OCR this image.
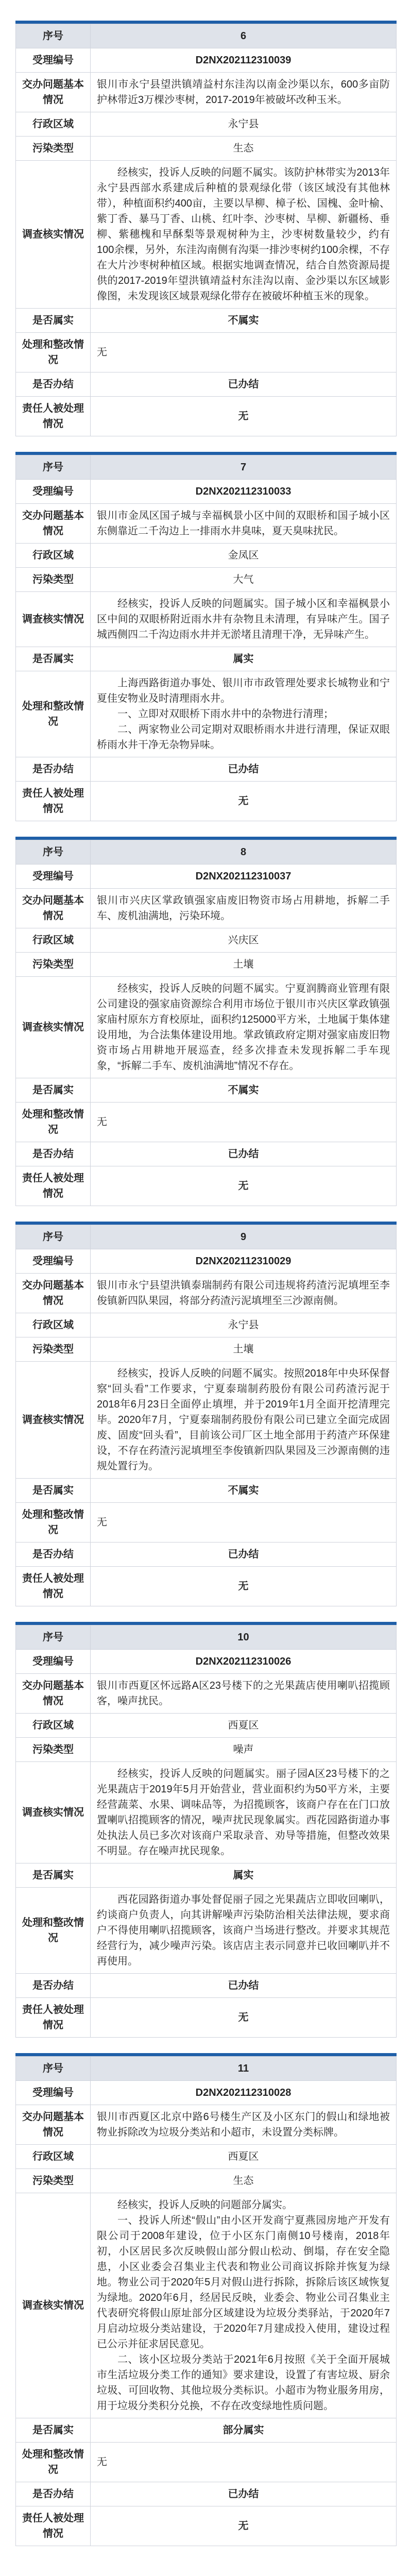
序号	6
受理编号	D2NX202112310039
交办问题基本情况	银川市永宁县望洪镇靖益村东洼沟以南金沙渠以东，600多亩防护林带近3万棵沙枣树，2017-2019年被破坏改种玉米。
行政区域	永宁县
污染类型	生态
调查核实情况	经核实，投诉人反映的问题不属实。该防护林带实为2013年永宁县西部水系建成后种植的景观绿化带（该区域没有其他林带），种植面积约400亩，主要以旱柳、樟子松、国槐、金叶榆、紫丁香、暴马丁香、山桃、红叶李、沙枣树、旱柳、新疆杨、垂柳、紫穗槐和早酥梨等景观树种为主，沙枣树数量较少，约有100余棵，另外，东洼沟南侧有沟渠一排沙枣树约100余棵，不存在大片沙枣树种植区域。根据实地调查情况，结合自然资源局提供的2017-2019年望洪镇靖益村东洼沟以南、金沙渠以东区域影像图，未发现该区域景观绿化带存在被破坏种植玉米的现象。

是否属实	不属实
处理和整改情况	无
是否办结	已办结
责任人被处理情况	无
序号	7
受理编号	D2NX202112310033
交办问题基本情况	银川市金凤区国子城与幸福枫景小区中间的双眼桥和国子城小区东侧靠近二千沟边上一排雨水井臭味，夏天臭味扰民。
行政区域	金凤区
污染类型	大气
调查核实情况	经核实，投诉人反映的问题属实。国子城小区和幸福枫景小区中间的双眼桥附近雨水井有杂物且未清理，有异味产生。国子城西侧四二千沟边雨水井并无淤堵且清理干净，无异味产生。

是否属实	属实
处理和整改情况	上海西路街道办事处、银川市市政管理处要求长城物业和宁夏佳安物业及时清理雨水井。

一、立即对双眼桥下雨水井中的杂物进行清理；

二、两家物业公司定期对双眼桥雨水井进行清理，保证双眼桥雨水井干净无杂物异味。

是否办结	已办结
责任人被处理情况	无
序号	8
受理编号	D2NX202112310037
交办问题基本情况	银川市兴庆区掌政镇强家庙废旧物资市场占用耕地，拆解二手车、废机油满地，污染环境。
行政区域	兴庆区
污染类型	土壤
调查核实情况	经核实，投诉人反映的问题不属实。宁夏润腾商业管理有限公司建设的强家庙资源综合利用市场位于银川市兴庆区掌政镇强家庙村原东方育校原址，面积约125000平方米，土地属于集体建设用地，为合法集体建设用地。掌政镇政府定期对强家庙废旧物资市场占用耕地开展巡查，经多次排查未发现拆解二手车现象，“拆解二手车、废机油满地”情况不存在。

是否属实	不属实
处理和整改情况	无
是否办结	已办结
责任人被处理情况	无
序号	9
受理编号	D2NX202112310029
交办问题基本情况	银川市永宁县望洪镇泰瑞制药有限公司违规将药渣污泥填埋至李俊镇新四队果园，将部分药渣污泥填埋至三沙源南侧。
行政区域	永宁县
污染类型	土壤
调查核实情况	经核实，投诉人反映的问题不属实。按照2018年中央环保督察“回头看”工作要求，宁夏泰瑞制药股份有限公司药渣污泥于2018年6月23日全面停止填埋，并于2019年1月全面开挖清理完毕。2020年7月，宁夏泰瑞制药股份有限公司已建立全面完成固废、固废“回头看”，目前该公司厂区土地全部用于药渣产环保建设，不存在药渣污泥填埋至李俊镇新四队果园及三沙源南侧的违规处置行为。

是否属实	不属实
处理和整改情况	无
是否办结	已办结
责任人被处理情况	无
序号	10
受理编号	D2NX202112310026
交办问题基本情况	银川市西夏区怀远路A区23号楼下的之光果蔬店使用喇叭招揽顾客，噪声扰民。
行政区域	西夏区
污染类型	噪声
调查核实情况	经核实，投诉人反映的问题属实。丽子园A区23号楼下的之光果蔬店于2019年5月开始营业，营业面积约为50平方米，主要经营蔬菜、水果、调味品等，为招揽顾客，该商户存在在门口放置喇叭招揽顾客的情况，噪声扰民现象属实。西花园路街道办事处执法人员已多次对该商户采取录音、劝导等措施，但整改效果不明显。存在噪声扰民现象。

是否属实	属实
处理和整改情况	西花园路街道办事处督促丽子园之光果蔬店立即收回喇叭，约谈商户负责人，向其讲解噪声污染防治相关法律法规，要求商户不得使用喇叭招揽顾客，该商户当场进行整改。并要求其规范经营行为，减少噪声污染。该店店主表示同意并已收回喇叭并不再使用。

是否办结	已办结
责任人被处理情况	无
序号	11
受理编号	D2NX202112310028
交办问题基本情况	银川市西夏区北京中路6号楼生产区及小区东门的假山和绿地被物业拆除改为垃圾分类站和小超市，未设置分类标牌。
行政区域	西夏区
污染类型	生态
调查核实情况	经核实，投诉人反映的问题部分属实。

一、投诉人所述“假山”由小区开发商宁夏燕园房地产开发有限公司于2008年建设，位于小区东门南侧10号楼南，2018年初，小区居民多次反映假山部分假山松动、倒塌，存在安全隐患，小区业委会召集业主代表和物业公司商议拆除并恢复为绿地。物业公司于2020年5月对假山进行拆除，拆除后该区域恢复为绿地。2020年6月，经居民反映，业委会、物业公司召集业主代表研究将假山原址部分区域建设为垃圾分类驿站，于2020年7月启动垃圾分类站建设，于2020年7月建成投入使用，建设过程已公示并征求居民意见。

二、该小区垃圾分类站于2021年6月按照《关于全面开展城市生活垃圾分类工作的通知》要求建设，设置了有害垃圾、厨余垃圾、可回收物、其他垃圾分类标识。小超市为物业服务用房，用于垃圾分类积分兑换，不存在改变绿地性质问题。

是否属实	部分属实
处理和整改情况	无
是否办结	已办结
责任人被处理情况	无
